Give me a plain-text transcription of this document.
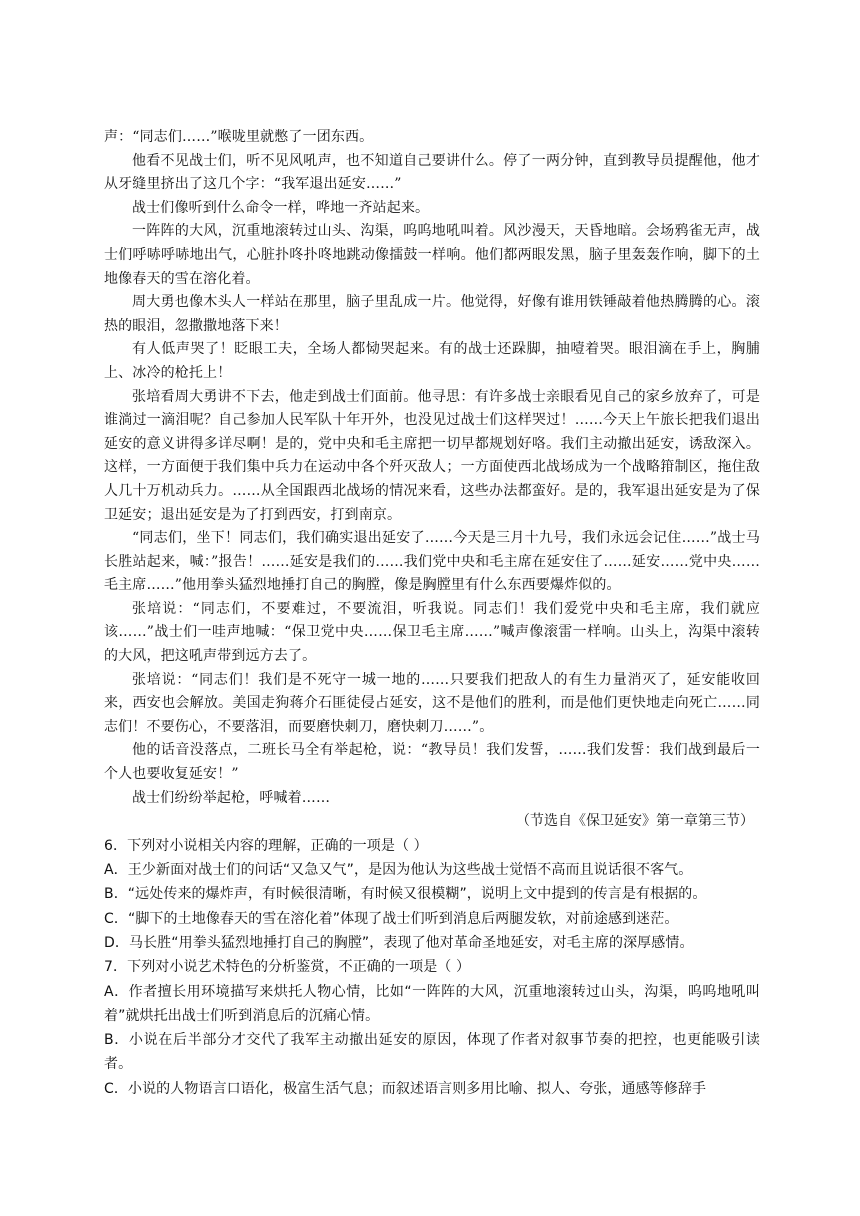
声：“同志们……”喉咙里就憋了一团东西。

他看不见战士们，听不见风吼声，也不知道自己要讲什么。停了一两分钟，直到教导员提醒他，他才从牙缝里挤出了这几个字：“我军退出延安……”

战士们像听到什么命令一样，哗地一齐站起来。

一阵阵的大风，沉重地滚转过山头、沟渠，呜呜地吼叫着。风沙漫天，天昏地暗。会场鸦雀无声，战士们呼哧呼哧地出气，心脏扑咚扑咚地跳动像擂鼓一样响。他们都两眼发黑，脑子里轰轰作响，脚下的土地像春天的雪在溶化着。

周大勇也像木头人一样站在那里，脑子里乱成一片。他觉得，好像有谁用铁锤敲着他热腾腾的心。滚热的眼泪，忽撒撒地落下来！

有人低声哭了！眨眼工夫，全场人都恸哭起来。有的战士还跺脚，抽噎着哭。眼泪滴在手上，胸脯上、冰冷的枪托上！

张培看周大勇讲不下去，他走到战士们面前。他寻思：有许多战士亲眼看见自己的家乡放弃了，可是谁淌过一滴泪呢？自己参加人民军队十年开外，也没见过战士们这样哭过！……今天上午旅长把我们退出延安的意义讲得多详尽啊！是的，党中央和毛主席把一切早都规划好咯。我们主动撤出延安，诱敌深入。这样，一方面便于我们集中兵力在运动中各个歼灭敌人；一方面使西北战场成为一个战略箝制区，拖住敌人几十万机动兵力。……从全国跟西北战场的情况来看，这些办法都蛮好。是的，我军退出延安是为了保卫延安；退出延安是为了打到西安，打到南京。

“同志们，坐下！同志们，我们确实退出延安了……今天是三月十九号，我们永远会记住……”战士马长胜站起来，喊：”报告！……延安是我们的……我们党中央和毛主席在延安住了……延安……党中央……毛主席……”他用拳头猛烈地捶打自己的胸膛，像是胸膛里有什么东西要爆炸似的。

张培说：“同志们，不要难过，不要流泪，听我说。同志们！我们爱党中央和毛主席，我们就应该……”战士们一哇声地喊：“保卫党中央……保卫毛主席……”喊声像滚雷一样响。山头上，沟渠中滚转的大风，把这吼声带到远方去了。

张培说：“同志们！我们是不死守一城一地的……只要我们把敌人的有生力量消灭了，延安能收回来，西安也会解放。美国走狗蒋介石匪徒侵占延安，这不是他们的胜利，而是他们更快地走向死亡……同志们！不要伤心，不要落泪，而要磨快刺刀，磨快刺刀……”。

他的话音没落点，二班长马全有举起枪，说：“教导员！我们发誓，……我们发誓：我们战到最后一个人也要收复延安！”

战士们纷纷举起枪，呼喊着……

（节选自《保卫延安》第一章第三节）

6．下列对小说相关内容的理解，正确的一项是（ ）

A．王少新面对战士们的问话“又急又气”，是因为他认为这些战士觉悟不高而且说话很不客气。

B．“远处传来的爆炸声，有时候很清晰，有时候又很模糊”，说明上文中提到的传言是有根据的。

C．“脚下的土地像春天的雪在溶化着”体现了战士们听到消息后两腿发软，对前途感到迷茫。

D．马长胜“用拳头猛烈地捶打自己的胸膛”，表现了他对革命圣地延安，对毛主席的深厚感情。

7．下列对小说艺术特色的分析鉴赏，不正确的一项是（ ）

A．作者擅长用环境描写来烘托人物心情，比如“一阵阵的大风，沉重地滚转过山头，沟渠，呜呜地吼叫着”就烘托出战士们听到消息后的沉痛心情。

B．小说在后半部分才交代了我军主动撤出延安的原因，体现了作者对叙事节奏的把控，也更能吸引读者。

C．小说的人物语言口语化，极富生活气息；而叙述语言则多用比喻、拟人、夸张，通感等修辞手
